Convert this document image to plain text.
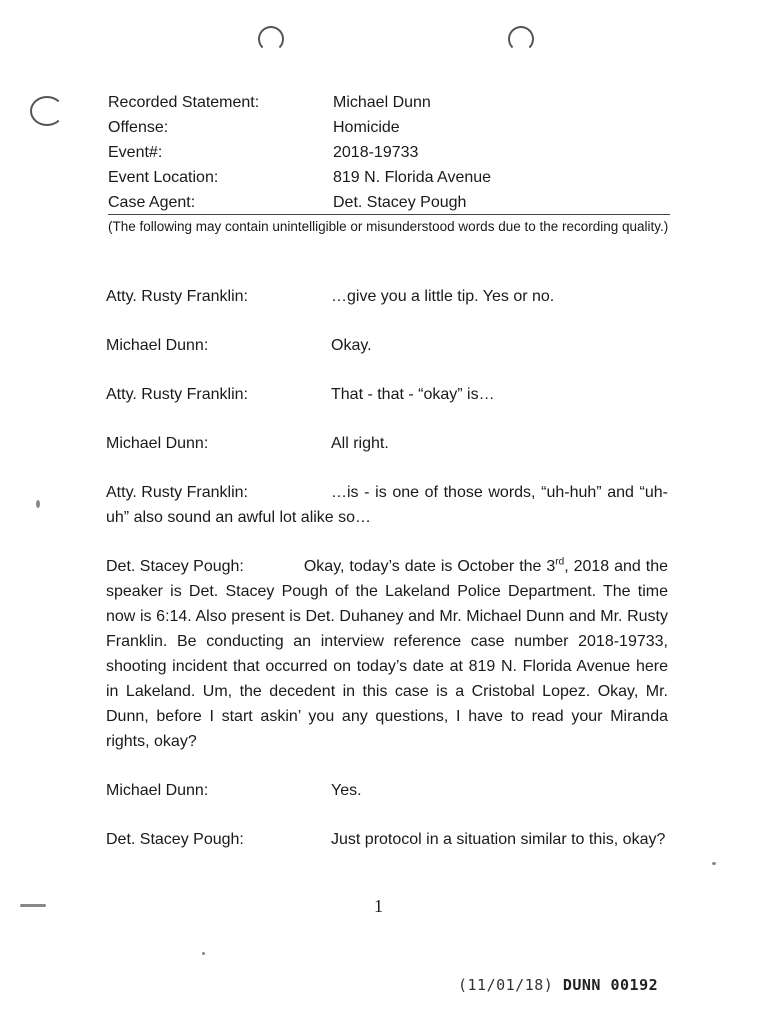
Recorded Statement:	Michael Dunn
Offense:	Homicide
Event#:	2018-19733
Event Location:	819 N. Florida Avenue
Case Agent:	Det. Stacey Pough
(The following may contain unintelligible or misunderstood words due to the recording quality.)
Atty. Rusty Franklin:	…give you a little tip. Yes or no.
Michael Dunn:	Okay.
Atty. Rusty Franklin:	That - that - “okay” is…
Michael Dunn:	All right.
Atty. Rusty Franklin:	…is - is one of those words, “uh-huh” and “uh-uh” also sound an awful lot alike so…
Det. Stacey Pough:	Okay, today’s date is October the 3rd, 2018 and the speaker is Det. Stacey Pough of the Lakeland Police Department. The time now is 6:14. Also present is Det. Duhaney and Mr. Michael Dunn and Mr. Rusty Franklin. Be conducting an interview reference case number 2018-19733, shooting incident that occurred on today’s date at 819 N. Florida Avenue here in Lakeland. Um, the decedent in this case is a Cristobal Lopez. Okay, Mr. Dunn, before I start askin’ you any questions, I have to read your Miranda rights, okay?
Michael Dunn:	Yes.
Det. Stacey Pough:	Just protocol in a situation similar to this, okay?
1
(11/01/18) DUNN 00192
